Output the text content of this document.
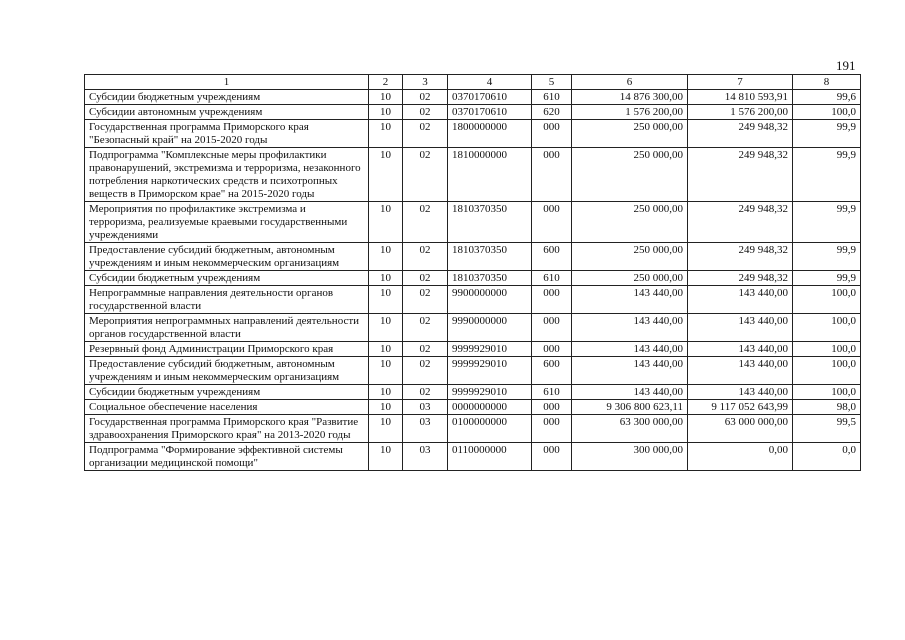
191
1	2	3	4	5	6	7	8
Субсидии бюджетным учреждениям	10	02	0370170610	610	14 876 300,00	14 810 593,91	99,6
Субсидии автономным учреждениям	10	02	0370170610	620	1 576 200,00	1 576 200,00	100,0
Государственная программа Приморского края "Безопасный край" на 2015-2020 годы	10	02	1800000000	000	250 000,00	249 948,32	99,9
Подпрограмма "Комплексные меры профилактики правонарушений, экстремизма и терроризма, незаконного потребления наркотических средств и психотропных веществ в Приморском крае" на 2015-2020 годы	10	02	1810000000	000	250 000,00	249 948,32	99,9
Мероприятия по профилактике экстремизма и терроризма, реализуемые краевыми государственными учреждениями	10	02	1810370350	000	250 000,00	249 948,32	99,9
Предоставление субсидий бюджетным, автономным учреждениям и иным некоммерческим организациям	10	02	1810370350	600	250 000,00	249 948,32	99,9
Субсидии бюджетным учреждениям	10	02	1810370350	610	250 000,00	249 948,32	99,9
Непрограммные направления деятельности органов государственной власти	10	02	9900000000	000	143 440,00	143 440,00	100,0
Мероприятия непрограммных направлений деятельности органов государственной власти	10	02	9990000000	000	143 440,00	143 440,00	100,0
Резервный фонд Администрации Приморского края	10	02	9999929010	000	143 440,00	143 440,00	100,0
Предоставление субсидий бюджетным, автономным учреждениям и иным некоммерческим организациям	10	02	9999929010	600	143 440,00	143 440,00	100,0
Субсидии бюджетным учреждениям	10	02	9999929010	610	143 440,00	143 440,00	100,0
Социальное обеспечение населения	10	03	0000000000	000	9 306 800 623,11	9 117 052 643,99	98,0
Государственная программа Приморского края "Развитие здравоохранения Приморского края" на 2013-2020 годы	10	03	0100000000	000	63 300 000,00	63 000 000,00	99,5
Подпрограмма "Формирование эффективной системы организации медицинской помощи"	10	03	0110000000	000	300 000,00	0,00	0,0
